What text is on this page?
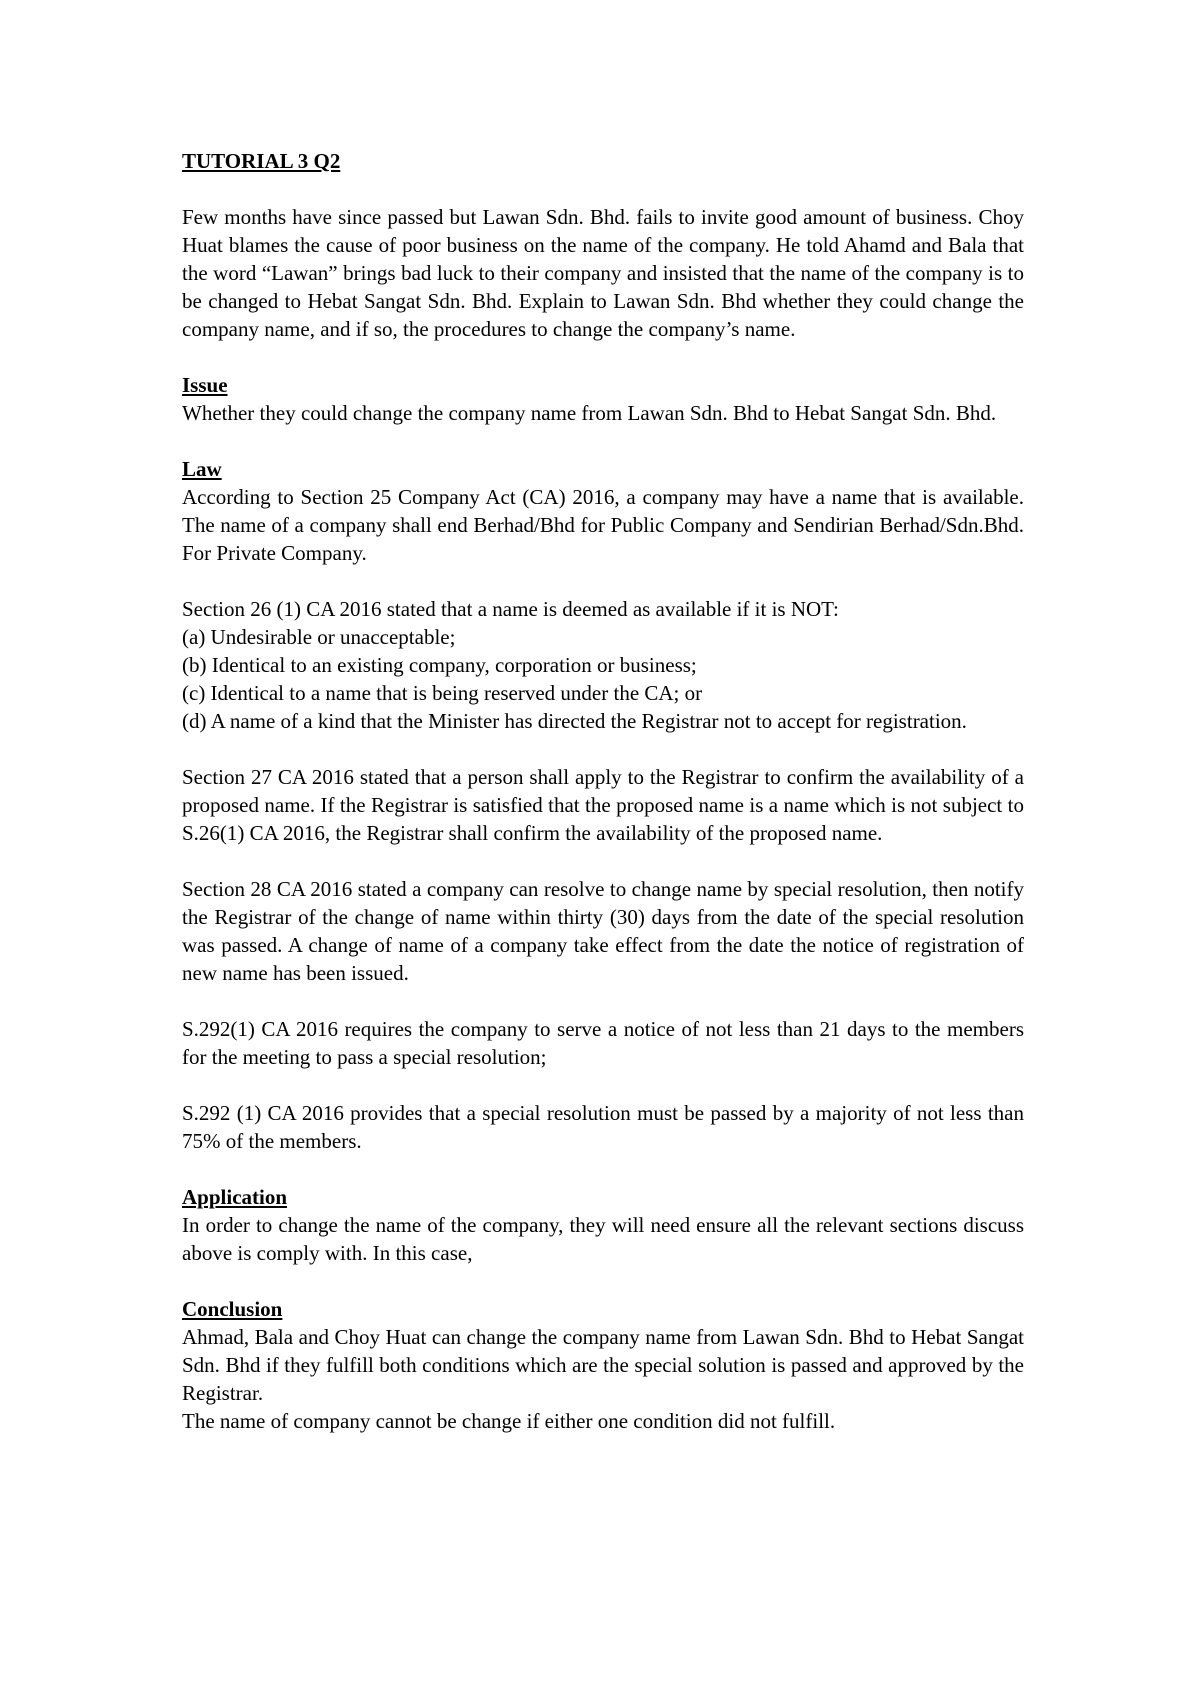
TUTORIAL 3 Q2

Few months have since passed but Lawan Sdn. Bhd. fails to invite good amount of business. Choy Huat blames the cause of poor business on the name of the company. He told Ahamd and Bala that the word “Lawan” brings bad luck to their company and insisted that the name of the company is to be changed to Hebat Sangat Sdn. Bhd. Explain to Lawan Sdn. Bhd whether they could change the company name, and if so, the procedures to change the company’s name.

Issue

Whether they could change the company name from Lawan Sdn. Bhd to Hebat Sangat Sdn. Bhd.

Law

According to Section 25 Company Act (CA) 2016, a company may have a name that is available. The name of a company shall end Berhad/Bhd for Public Company and Sendirian Berhad/Sdn.Bhd. For Private Company.

Section 26 (1) CA 2016 stated that a name is deemed as available if it is NOT:

(a) Undesirable or unacceptable;

(b) Identical to an existing company, corporation or business;

(c) Identical to a name that is being reserved under the CA; or

(d) A name of a kind that the Minister has directed the Registrar not to accept for registration.

Section 27 CA 2016 stated that a person shall apply to the Registrar to confirm the availability of a proposed name. If the Registrar is satisfied that the proposed name is a name which is not subject to S.26(1) CA 2016, the Registrar shall confirm the availability of the proposed name.

Section 28 CA 2016 stated a company can resolve to change name by special resolution, then notify the Registrar of the change of name within thirty (30) days from the date of the special resolution was passed. A change of name of a company take effect from the date the notice of registration of new name has been issued.

S.292(1) CA 2016 requires the company to serve a notice of not less than 21 days to the members for the meeting to pass a special resolution;

S.292 (1) CA 2016 provides that a special resolution must be passed by a majority of not less than 75% of the members.

Application

In order to change the name of the company, they will need ensure all the relevant sections discuss above is comply with. In this case,

Conclusion

Ahmad, Bala and Choy Huat can change the company name from Lawan Sdn. Bhd to Hebat Sangat Sdn. Bhd if they fulfill both conditions which are the special solution is passed and approved by the Registrar.

The name of company cannot be change if either one condition did not fulfill.
